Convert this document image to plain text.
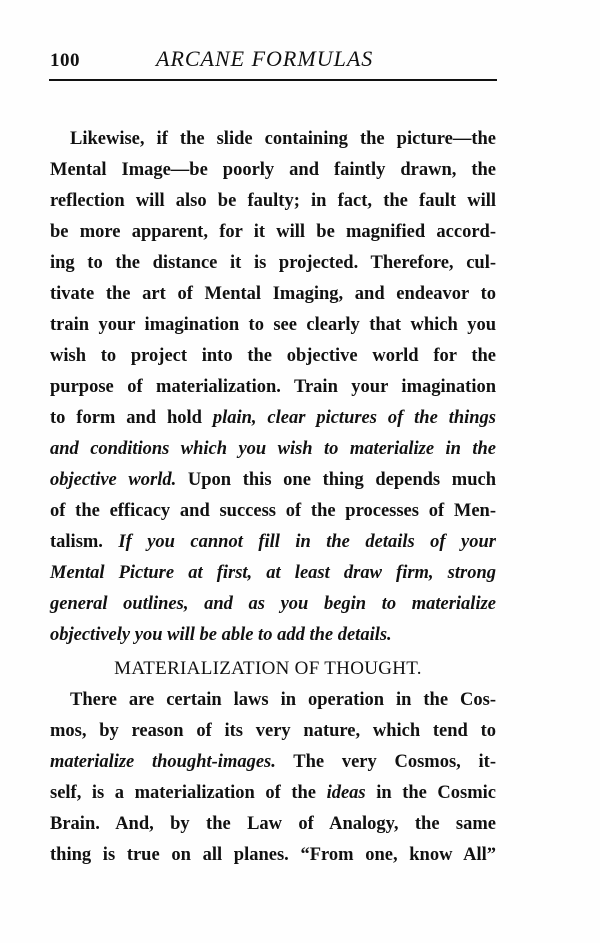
100	ARCANE FORMULAS
Likewise, if the slide containing the picture—the
Mental Image—be poorly and faintly drawn, the
reflection will also be faulty; in fact, the fault will
be more apparent, for it will be magnified accord-
ing to the distance it is projected. Therefore, cul-
tivate the art of Mental Imaging, and endeavor to
train your imagination to see clearly that which you
wish to project into the objective world for the
purpose of materialization. Train your imagination
to form and hold plain, clear pictures of the things
and conditions which you wish to materialize in the
objective world. Upon this one thing depends much
of the efficacy and success of the processes of Men-
talism. If you cannot fill in the details of your
Mental Picture at first, at least draw firm, strong
general outlines, and as you begin to materialize
objectively you will be able to add the details.
MATERIALIZATION OF THOUGHT.
There are certain laws in operation in the Cos-
mos, by reason of its very nature, which tend to
materialize thought-images. The very Cosmos, it-
self, is a materialization of the ideas in the Cosmic
Brain. And, by the Law of Analogy, the same
thing is true on all planes. “From one, know All”
